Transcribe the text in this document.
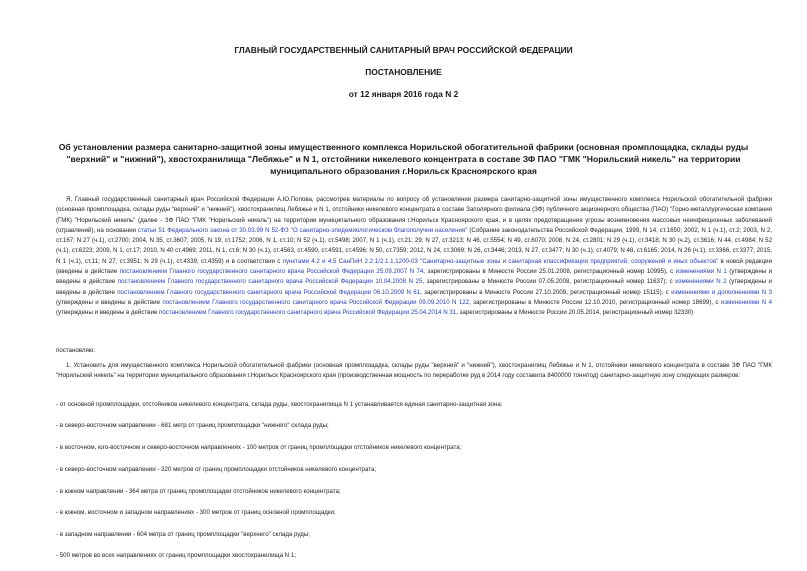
ГЛАВНЫЙ ГОСУДАРСТВЕННЫЙ САНИТАРНЫЙ ВРАЧ РОССИЙСКОЙ ФЕДЕРАЦИИ
ПОСТАНОВЛЕНИЕ
от 12 января 2016 года N 2
Об установлении размера санитарно-защитной зоны имущественного комплекса Норильской обогатительной фабрики (основная промплощадка, склады руды "верхний" и "нижний"), хвостохранилища "Лебяжье" и N 1, отстойники никелевого концентрата в составе ЗФ ПАО "ГМК "Норильский никель" на территории муниципального образования г.Норильск Красноярского края
Я, Главный государственный санитарный врач Российской Федерации А.Ю.Попова, рассмотрев материалы по вопросу об установлении размера санитарно-защитной зоны имущественного комплекса Норильской обогатительной фабрики (основная промплощадка, склады руды "верхний" и "нижний"), хвостохранилищ Лебяжье и N 1, отстойники никелевого концентрата в составе Заполярного филиала (ЗФ) публичного акционерного общества (ПАО) "Горно-металлургическая компания (ГМК) "Норильский никель" (далее - ЗФ ПАО "ГМК "Норильский никель") на территории муниципального образования г.Норильск Красноярского края, и в целях предотвращения угрозы возникновения массовых неинфекционных заболеваний (отравлений), на основании статьи 51 Федерального закона от 30.03.99 N 52-ФЗ "О санитарно-эпидемиологическом благополучии населения" (Собрание законодательства Российской Федерации, 1999, N 14, ст.1650; 2002, N 1 (ч.1), ст.2; 2003, N 2, ст.167; N 27 (ч.1), ст.2700; 2004, N 35, ст.3607; 2005, N 19, ст.1752; 2006, N 1, ст.10; N 52 (ч.1), ст.5498; 2007, N 1 (ч.1), ст.21; 29; N 27, ст.3213; N 46, ст.5554; N 49, ст.6070; 2008, N 24, ст.2801; N 29 (ч.1), ст.3418; N 30 (ч.2), ст.3616; N 44, ст.4984; N 52 (ч.1), ст.6223; 2009, N 1, ст.17; 2010, N 40 ст.4969; 2011, N 1, ст.6; N 30 (ч.1), ст.4563, ст.4590, ст.4591, ст.4596; N 50, ст.7359; 2012, N 24, ст.3069; N 26, ст.3446; 2013, N 27, ст.3477; N 30 (ч.1), ст.4079; N 48, ст.6165; 2014, N 26 (ч.1), ст.3366, ст.3377; 2015, N 1 (ч.1), ст.11; N 27, ст.3951; N 29 (ч.1), ст.4339, ст.4359) и в соответствии с пунктами 4.2 и 4.5 СанПиН 2.2.1/2.1.1.1200-03 "Санитарно-защитные зоны и санитарная классификация предприятий, сооружений и иных объектов" в новой редакции (введены в действие постановлением Главного государственного санитарного врача Российской Федерации 25.09.2007 N 74, зарегистрированы в Минюсте России 25.01.2008, регистрационный номер 10995), с изменениями N 1 (утверждены и введены в действие постановлением Главного государственного санитарного врача Российской Федерации 10.04.2008 N 25, зарегистрированы в Минюсте России 07.05.2008, регистрационный номер 11637); с изменениями N 2 (утверждены и введены в действие постановлением Главного государственного санитарного врача Российской Федерации 06.10.2009 N 61, зарегистрированы в Минюсте России 27.10.2009, регистрационный номер 15115), с изменениями и дополнениями N 3 (утверждены и введены в действие постановлением Главного государственного санитарного врача Российской Федерации 09.09.2010 N 122, зарегистрированы в Минюсте России 12.10.2010, регистрационный номер 18699), с изменениями N 4 (утверждены и введены в действие постановлением Главного государственного санитарного врача Российской Федерации 25.04.2014 N 31, зарегистрированы в Минюсте России 20.05.2014, регистрационный номер 32330)
постановляю:
1. Установить для имущественного комплекса Норильской обогатительной фабрики (основная промплощадка, склады руды "верхний" и "нижний"), хвостохранилищ Лебяжье и N 1, отстойники никелевого концентрата в составе ЗФ ПАО "ГМК "Норильский никель" на территории муниципального образования г.Норильск Красноярского края (производственная мощность по переработке руд в 2014 году составила 8400000 тонн/год) санитарно-защитную зону следующих размеров:
- от основной промплощадки, отстойников никелевого концентрата, склада руды, хвостохранилища N 1 устанавливается единая санитарно-защитная зона:
- в северо-восточном направлении - 681 метр от границ промплощадки "нижнего" склада руды;
- в восточном, юго-восточном и северо-восточном направлениях - 100 метров от границ промплощадки отстойников никелевого концентрата;
- в северо-восточном направлении - 320 метров от границ промплощадки отстойников никелевого концентрата;
- в южном направлении - 364 метра от границ промплощадки отстойников никелевого концентрата;
- в южном, восточном и западном направлениях - 300 метров от границ основной промплощадки;
- в западном направлении - 604 метра от границ промплощадки "верхнего" склада руды;
- 500 метров во всех направлениях от границ промплощадки хвостохранилища N 1;
